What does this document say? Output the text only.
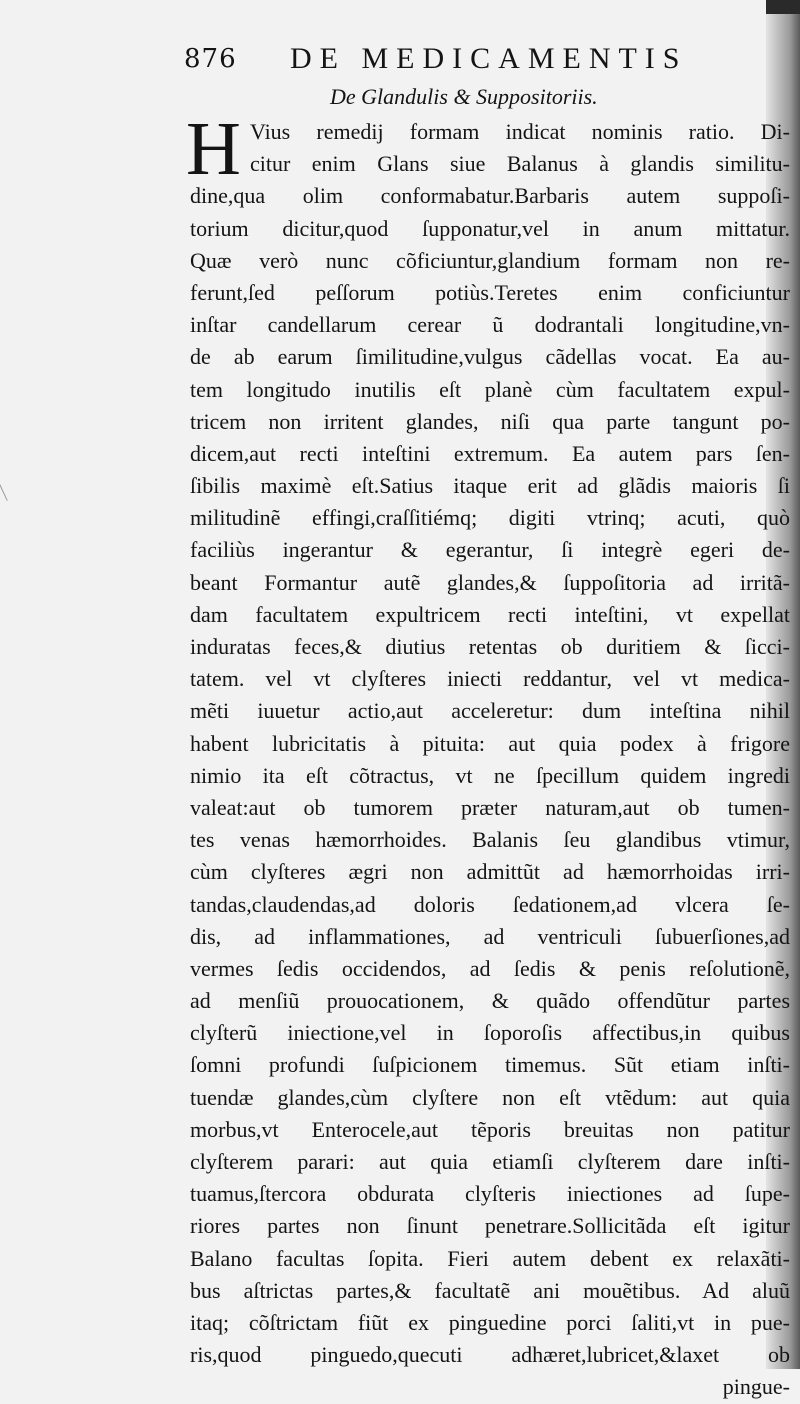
876 DE MEDICAMENTIS
De Glandulis & Suppositoriis.
H Vius remedij formam indicat nominis ratio. Di-
citur enim Glans siue Balanus à glandis similitu-
dine,qua olim conformabatur.Barbaris autem suppoſi-
torium dicitur,quod ſupponatur,vel in anum mittatur.
Quæ verò nunc cõficiuntur,glandium formam non re-
ferunt,ſed peſſorum potiùs.Teretes enim conficiuntur
inſtar candellarum cerear ũ dodrantali longitudine,vn-
de ab earum ſimilitudine,vulgus cãdellas vocat. Ea au-
tem longitudo inutilis eſt planè cùm facultatem expul-
tricem non irritent glandes, niſi qua parte tangunt po-
dicem,aut recti inteſtini extremum. Ea autem pars ſen-
ſibilis maximè eſt.Satius itaque erit ad glãdis maioris ſi
militudinẽ effingi,craſſitiémq; digiti vtrinq; acuti, quò
faciliùs ingerantur & egerantur, ſi integrè egeri de-
beant Formantur autẽ glandes,& ſuppoſitoria ad irritã-
dam facultatem expultricem recti inteſtini, vt expellat
induratas feces,& diutius retentas ob duritiem & ſicci-
tatem. vel vt clyſteres iniecti reddantur, vel vt medica-
mẽti iuuetur actio,aut acceleretur: dum inteſtina nihil
habent lubricitatis à pituita: aut quia podex à frigore
nimio ita eſt cõtractus, vt ne ſpecillum quidem ingredi
valeat:aut ob tumorem præter naturam,aut ob tumen-
tes venas hæmorrhoides. Balanis ſeu glandibus vtimur,
cùm clyſteres ægri non admittũt ad hæmorrhoidas irri-
tandas,claudendas,ad doloris ſedationem,ad vlcera ſe-
dis, ad inflammationes, ad ventriculi ſubuerſiones,ad
vermes ſedis occidendos, ad ſedis & penis reſolutionẽ,
ad menſiũ prouocationem, & quãdo offendũtur partes
clyſterũ iniectione,vel in ſoporoſis affectibus,in quibus
ſomni profundi ſuſpicionem timemus. Sũt etiam inſti-
tuendæ glandes,cùm clyſtere non eſt vtẽdum: aut quia
morbus,vt Enterocele,aut tẽporis breuitas non patitur
clyſterem parari: aut quia etiamſi clyſterem dare inſti-
tuamus,ſtercora obdurata clyſteris iniectiones ad ſupe-
riores partes non ſinunt penetrare.Sollicitãda eſt igitur
Balano facultas ſopita. Fieri autem debent ex relaxãti-
bus aſtrictas partes,& facultatẽ ani mouẽtibus. Ad aluũ
itaq; cõſtrictam fiũt ex pinguedine porci ſaliti,vt in pue-
ris,quod pinguedo,quecuti adhæret,lubricet,&laxet ob
pingue-
